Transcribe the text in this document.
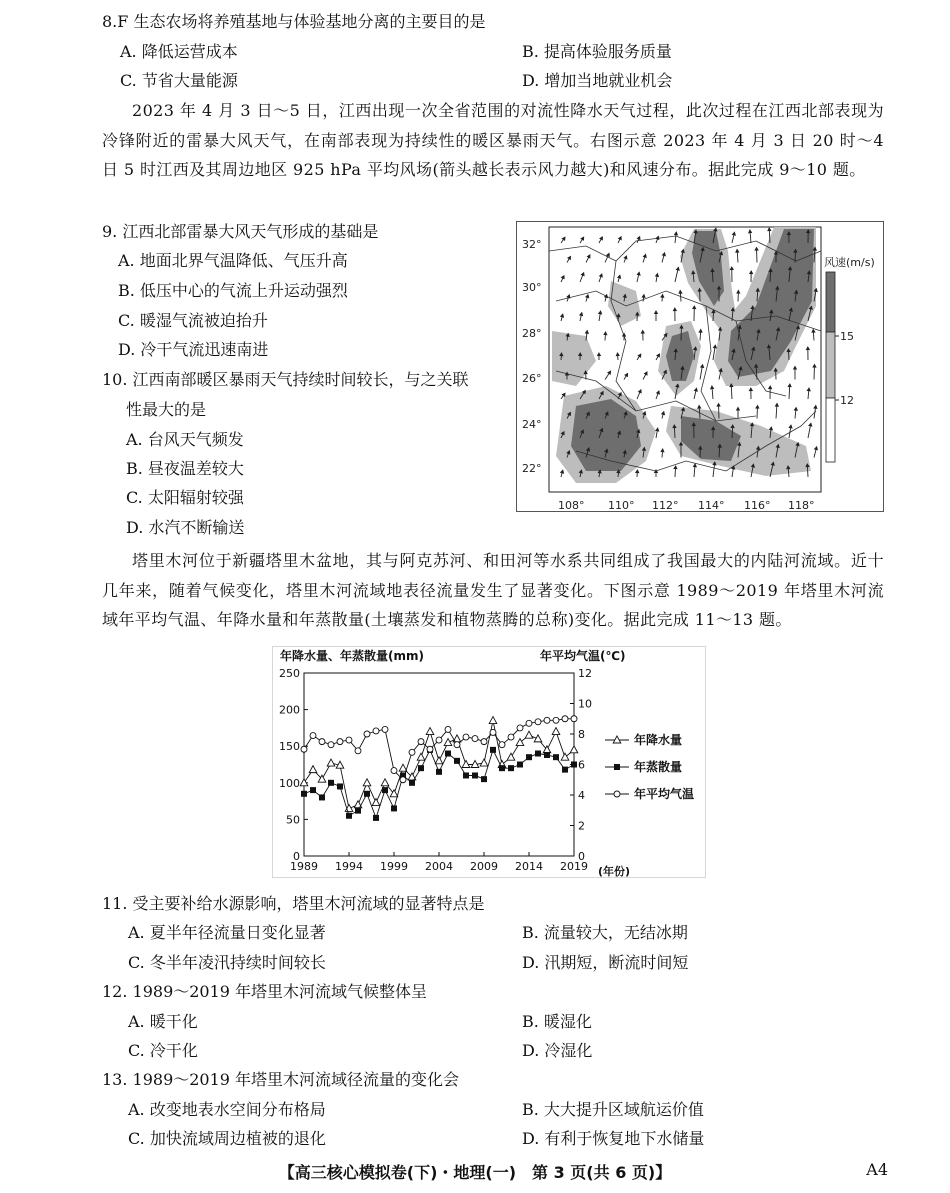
8.F 生态农场将养殖基地与体验基地分离的主要目的是
A. 降低运营成本	B. 提高体验服务质量
C. 节省大量能源	D. 增加当地就业机会
2023 年 4 月 3 日～5 日，江西出现一次全省范围的对流性降水天气过程，此次过程在江西北部表现为冷锋附近的雷暴大风天气，在南部表现为持续性的暖区暴雨天气。右图示意 2023 年 4 月 3 日 20 时～4 日 5 时江西及其周边地区 925 hPa 平均风场(箭头越长表示风力越大)和风速分布。据此完成 9～10 题。
9. 江西北部雷暴大风天气形成的基础是
A. 地面北界气温降低、气压升高
B. 低压中心的气流上升运动强烈
C. 暖湿气流被迫抬升
D. 冷干气流迅速南进
10. 江西南部暖区暴雨天气持续时间较长，与之关联
性最大的是
A. 台风天气频发
B. 昼夜温差较大
C. 太阳辐射较强
D. 水汽不断输送
32°
30°
28°
26°
24°
22°
108° 110° 112° 114° 116° 118°
风速(m/s)
15
12
塔里木河位于新疆塔里木盆地，其与阿克苏河、和田河等水系共同组成了我国最大的内陆河流域。近十几年来，随着气候变化，塔里木河流域地表径流量发生了显著变化。下图示意 1989～2019 年塔里木河流域年平均气温、年降水量和年蒸散量(土壤蒸发和植物蒸腾的总称)变化。据此完成 11～13 题。
年降水量、年蒸散量(mm)	年平均气温(℃)
(年份)
0
50
100
150
200
250
0
2
4
6
8
10
12
1989 1994 1999 2004 2009 2014 2019
年降水量
年蒸散量
年平均气温
11. 受主要补给水源影响，塔里木河流域的显著特点是
A. 夏半年径流量日变化显著	B. 流量较大，无结冰期
C. 冬半年凌汛持续时间较长	D. 汛期短，断流时间短
12. 1989～2019 年塔里木河流域气候整体呈
A. 暖干化	B. 暖湿化
C. 冷干化	D. 冷湿化
13. 1989～2019 年塔里木河流域径流量的变化会
A. 改变地表水空间分布格局	B. 大大提升区域航运价值
C. 加快流域周边植被的退化	D. 有利于恢复地下水储量
【高三核心模拟卷(下)・地理(一)　第 3 页(共 6 页)】	A4
